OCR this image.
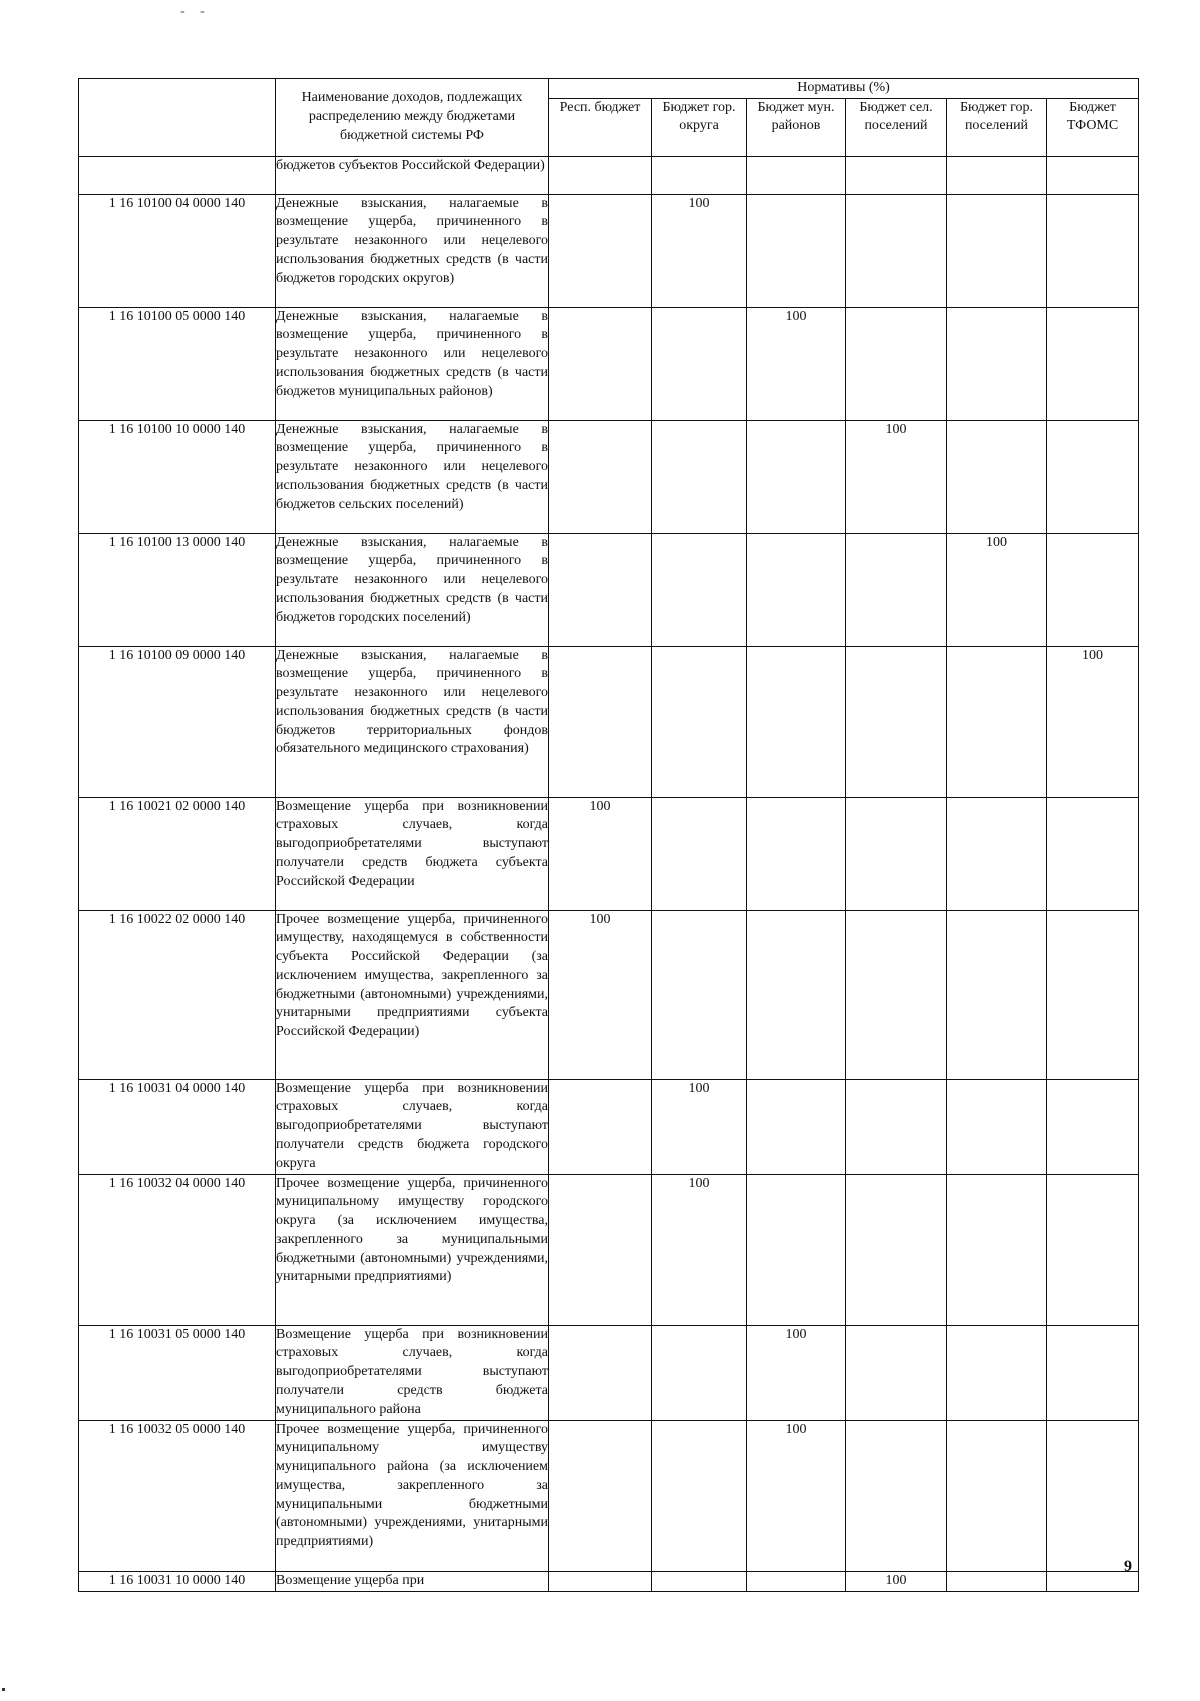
- -
	Наименование доходов, подлежащих распределению между бюджетами бюджетной системы РФ	Нормативы (%)					
		Респ. бюджет	Бюджет гор. округа	Бюджет мун. районов	Бюджет сел. поселений	Бюджет гор. поселений	Бюджет ТФОМС
	бюджетов субъектов Российской Федерации)						
1 16 10100 04 0000 140	Денежные взыскания, налагаемые в возмещение ущерба, причиненного в результате незаконного или нецелевого использования бюджетных средств (в части бюджетов городских округов)		100				
1 16 10100 05 0000 140	Денежные взыскания, налагаемые в возмещение ущерба, причиненного в результате незаконного или нецелевого использования бюджетных средств (в части бюджетов муниципальных районов)			100			
1 16 10100 10 0000 140	Денежные взыскания, налагаемые в возмещение ущерба, причиненного в результате незаконного или нецелевого использования бюджетных средств (в части бюджетов сельских поселений)				100		
1 16 10100 13 0000 140	Денежные взыскания, налагаемые в возмещение ущерба, причиненного в результате незаконного или нецелевого использования бюджетных средств (в части бюджетов городских поселений)					100	
1 16 10100 09 0000 140	Денежные взыскания, налагаемые в возмещение ущерба, причиненного в результате незаконного или нецелевого использования бюджетных средств (в части бюджетов территориальных фондов обязательного медицинского страхования)						100
1 16 10021 02 0000 140	Возмещение ущерба при возникновении страховых случаев, когда выгодоприобретателями выступают получатели средств бюджета субъекта Российской Федерации	100					
1 16 10022 02 0000 140	Прочее возмещение ущерба, причиненного имуществу, находящемуся в собственности субъекта Российской Федерации (за исключением имущества, закрепленного за бюджетными (автономными) учреждениями, унитарными предприятиями субъекта Российской Федерации)	100					
1 16 10031 04 0000 140	Возмещение ущерба при возникновении страховых случаев, когда выгодоприобретателями выступают получатели средств бюджета городского округа		100				
1 16 10032 04 0000 140	Прочее возмещение ущерба, причиненного муниципальному имуществу городского округа (за исключением имущества, закрепленного за муниципальными бюджетными (автономными) учреждениями, унитарными предприятиями)		100				
1 16 10031 05 0000 140	Возмещение ущерба при возникновении страховых случаев, когда выгодоприобретателями выступают получатели средств бюджета муниципального района			100			
1 16 10032 05 0000 140	Прочее возмещение ущерба, причиненного муниципальному имуществу муниципального района (за исключением имущества, закрепленного за муниципальными бюджетными (автономными) учреждениями, унитарными предприятиями)			100			
1 16 10031 10 0000 140	Возмещение ущерба при				100		
9
